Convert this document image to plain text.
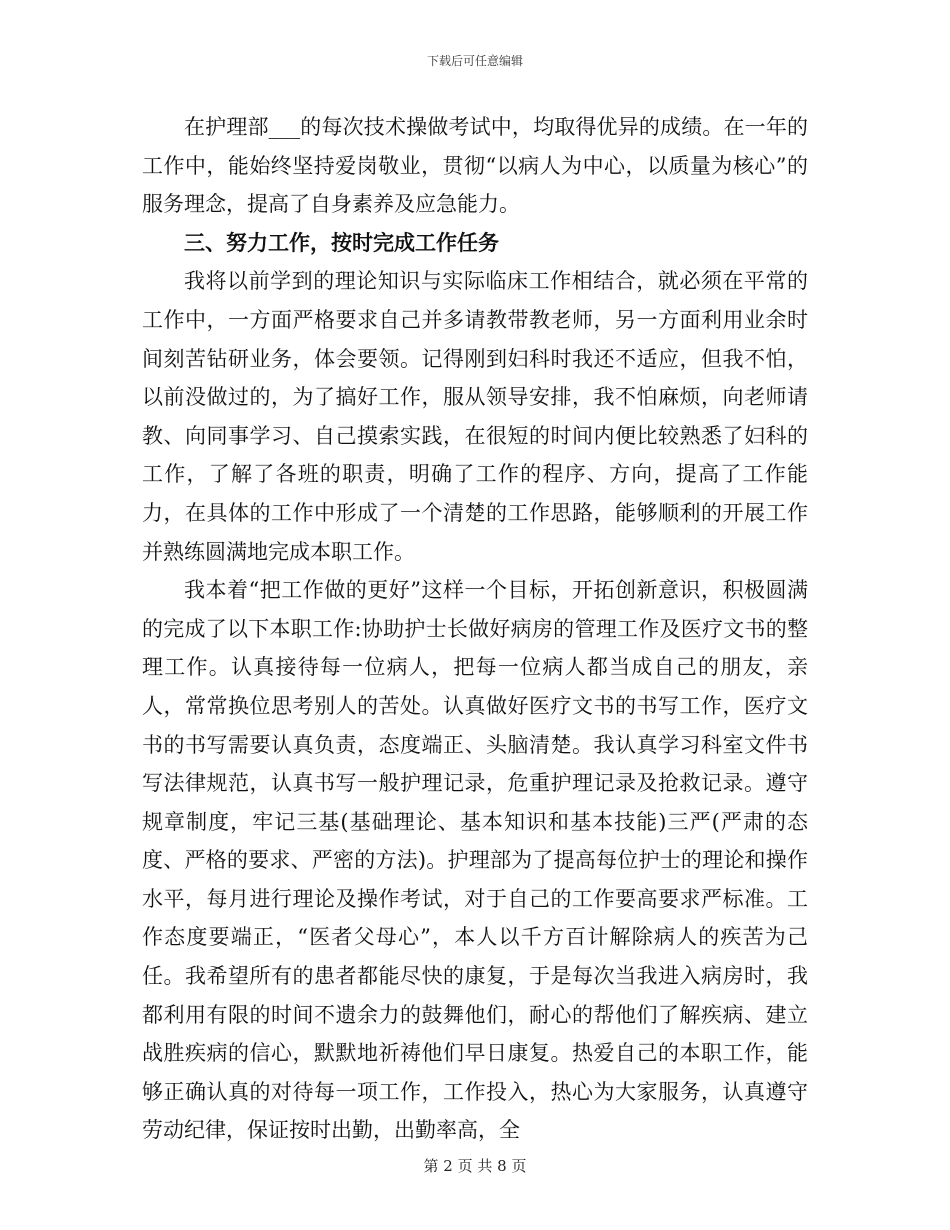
下载后可任意编辑

在护理部___的每次技术操做考试中，均取得优异的成绩。在一年的工作中，能始终坚持爱岗敬业，贯彻“以病人为中心，以质量为核心”的服务理念，提高了自身素养及应急能力。

三、努力工作，按时完成工作任务

我将以前学到的理论知识与实际临床工作相结合，就必须在平常的工作中，一方面严格要求自己并多请教带教老师，另一方面利用业余时间刻苦钻研业务，体会要领。记得刚到妇科时我还不适应，但我不怕，以前没做过的，为了搞好工作，服从领导安排，我不怕麻烦，向老师请教、向同事学习、自己摸索实践，在很短的时间内便比较熟悉了妇科的工作，了解了各班的职责，明确了工作的程序、方向，提高了工作能力，在具体的工作中形成了一个清楚的工作思路，能够顺利的开展工作并熟练圆满地完成本职工作。

我本着“把工作做的更好”这样一个目标，开拓创新意识，积极圆满的完成了以下本职工作:协助护士长做好病房的管理工作及医疗文书的整理工作。认真接待每一位病人，把每一位病人都当成自己的朋友，亲人，常常换位思考别人的苦处。认真做好医疗文书的书写工作，医疗文书的书写需要认真负责，态度端正、头脑清楚。我认真学习科室文件书写法律规范，认真书写一般护理记录，危重护理记录及抢救记录。遵守规章制度，牢记三基(基础理论、基本知识和基本技能)三严(严肃的态度、严格的要求、严密的方法)。护理部为了提高每位护士的理论和操作水平，每月进行理论及操作考试，对于自己的工作要高要求严标准。工作态度要端正，“医者父母心”，本人以千方百计解除病人的疾苦为己任。我希望所有的患者都能尽快的康复，于是每次当我进入病房时，我都利用有限的时间不遗余力的鼓舞他们，耐心的帮他们了解疾病、建立战胜疾病的信心，默默地祈祷他们早日康复。热爱自己的本职工作，能够正确认真的对待每一项工作，工作投入，热心为大家服务，认真遵守劳动纪律，保证按时出勤，出勤率高，全

第 2 页 共 8 页
